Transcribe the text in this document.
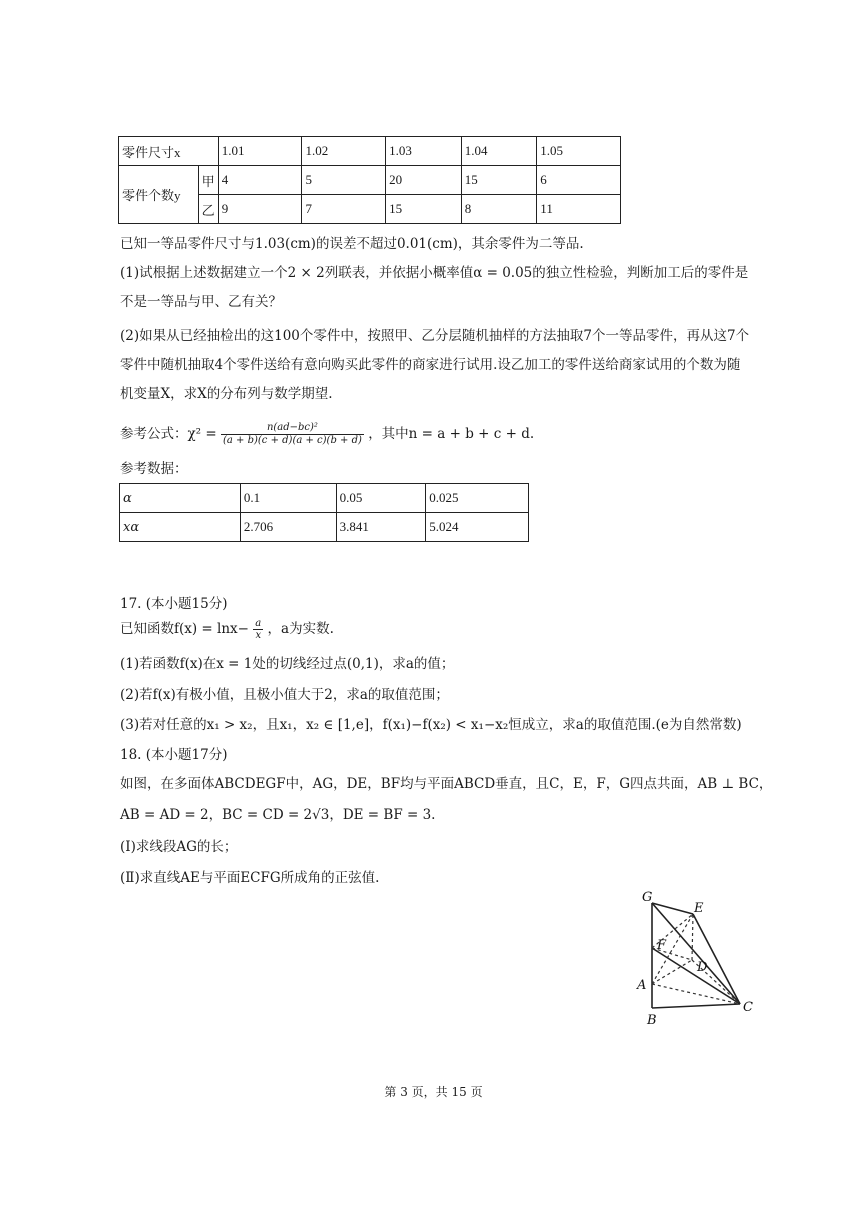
零件尺寸x		1.01	1.02	1.03	1.04	1.05
零件个数y	甲	4	5	20	15	6
	乙	9	7	15	8	11
已知一等品零件尺寸与1.03(cm)的误差不超过0.01(cm)，其余零件为二等品.
(1)试根据上述数据建立一个2 × 2列联表，并依据小概率值α = 0.05的独立性检验，判断加工后的零件是
不是一等品与甲、乙有关？
(2)如果从已经抽检出的这100个零件中，按照甲、乙分层随机抽样的方法抽取7个一等品零件，再从这7个
零件中随机抽取4个零件送给有意向购买此零件的商家进行试用.设乙加工的零件送给商家试用的个数为随
机变量X，求X的分布列与数学期望.
参考公式：$\chi^2 = \frac{\text{n(ad−bc)²}}{(a + b)(c + d)(a + c)(b + d)}$ ，其中n = a + b + c + d.
参考数据：
α	0.1	0.05	0.025
xα	2.706	3.841	5.024
17. (本小题15分)
已知函数$f(x) = \ln x- \frac{a}{x}$ ，a为实数.
(1)若函数f(x)在x = 1处的切线经过点(0,1)，求a的值；
(2)若f(x)有极小值，且极小值大于2，求a的取值范围；
(3)若对任意的x₁ > x₂，且x₁，x₂ ∈ [1,e]，f(x₁)−f(x₂) < x₁−x₂恒成立，求a的取值范围.(e为自然常数)
18. (本小题17分)
如图，在多面体ABCDEGF中，AG，DE，BF均与平面ABCD垂直，且C，E，F，G四点共面，AB ⊥ BC，
AB = AD = 2，BC = CD = 2√3，DE = BF = 3.
(Ⅰ)求线段AG的长；
(Ⅱ)求直线AE与平面ECFG所成角的正弦值.
G
E
F
D
A
B
C
第 3 页，共 15 页
